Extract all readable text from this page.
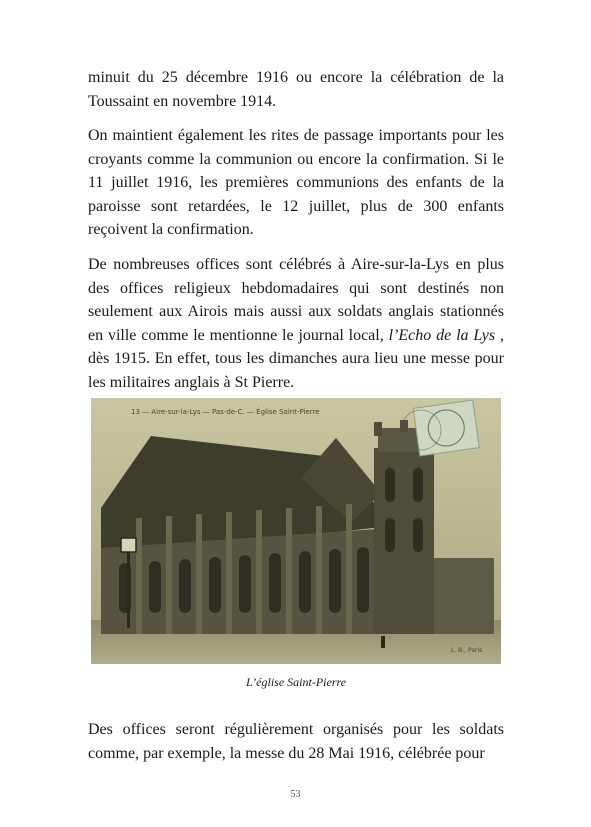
minuit du 25 décembre 1916 ou encore la célébration de la Toussaint en novembre 1914.

On maintient également les rites de passage importants pour les croyants comme la communion ou encore la confirmation. Si le 11 juillet 1916, les premières communions des enfants de la paroisse sont retardées, le 12 juillet, plus de 300 enfants reçoivent la confirmation.

De nombreuses offices sont célébrés à Aire-sur-la-Lys en plus des offices religieux hebdomadaires qui sont destinés non seulement aux Airois mais aussi aux soldats anglais stationnés en ville comme le mentionne le journal local, l’Echo de la Lys , dès 1915. En effet, tous les dimanches aura lieu une messe pour les militaires anglais à St Pierre.

13 — Aire-sur-la-Lys — Pas-de-C. — Église Saint-Pierre
L. B., Paris
L’église Saint-Pierre

Des offices seront régulièrement organisés pour les soldats comme, par exemple, la messe du 28 Mai 1916, célébrée pour

53
